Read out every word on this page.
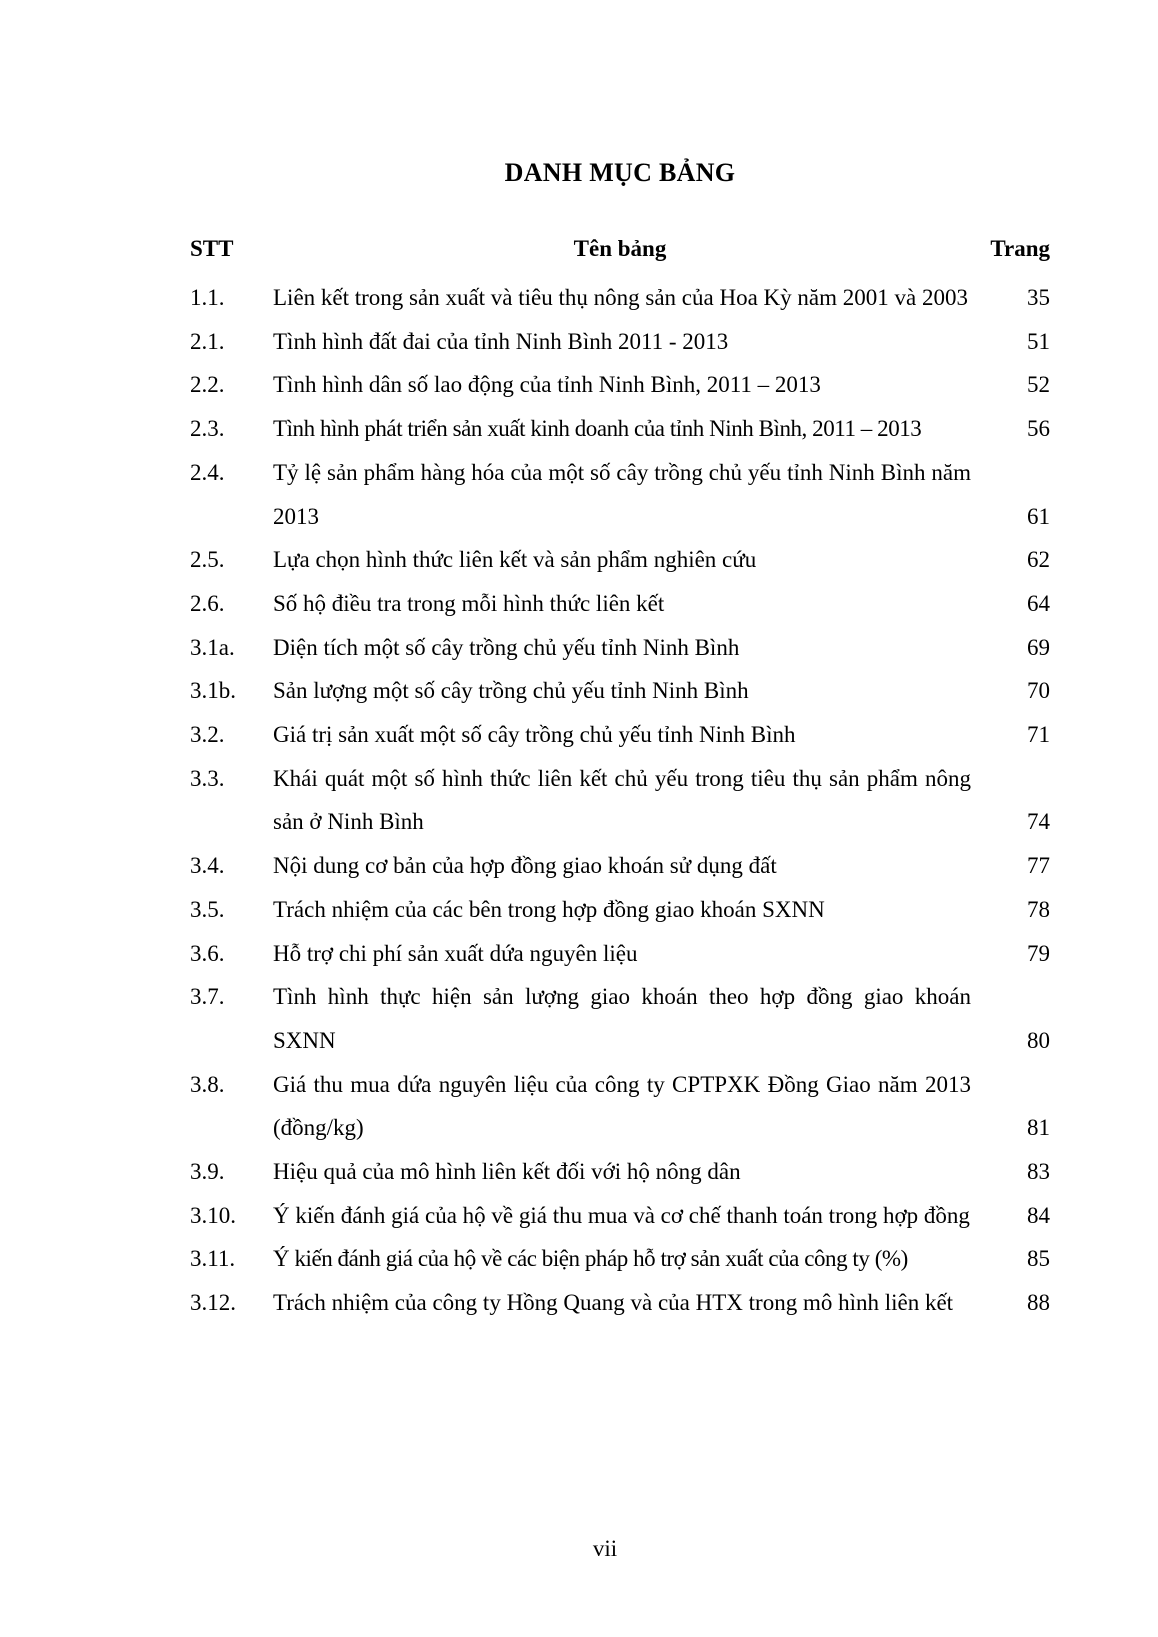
DANH MỤC BẢNG
STT	Tên bảng	Trang
1.1. Liên kết trong sản xuất và tiêu thụ nông sản của Hoa Kỳ năm 2001 và 2003	35
2.1. Tình hình đất đai của tỉnh Ninh Bình 2011 - 2013	51
2.2. Tình hình dân số lao động của tỉnh Ninh Bình, 2011 – 2013	52
2.3. Tình hình phát triển sản xuất kinh doanh của tỉnh Ninh Bình, 2011 – 2013	56
2.4. Tỷ lệ sản phẩm hàng hóa của một số cây trồng chủ yếu tỉnh Ninh Bình năm 2013	61
2.5. Lựa chọn hình thức liên kết và sản phẩm nghiên cứu	62
2.6. Số hộ điều tra trong mỗi hình thức liên kết	64
3.1a. Diện tích một số cây trồng chủ yếu tỉnh Ninh Bình	69
3.1b. Sản lượng một số cây trồng chủ yếu tỉnh Ninh Bình	70
3.2. Giá trị sản xuất một số cây trồng chủ yếu tỉnh Ninh Bình	71
3.3. Khái quát một số hình thức liên kết chủ yếu trong tiêu thụ sản phẩm nông sản ở Ninh Bình	74
3.4. Nội dung cơ bản của hợp đồng giao khoán sử dụng đất	77
3.5. Trách nhiệm của các bên trong hợp đồng giao khoán SXNN	78
3.6. Hỗ trợ chi phí sản xuất dứa nguyên liệu	79
3.7. Tình hình thực hiện sản lượng giao khoán theo hợp đồng giao khoán SXNN	80
3.8. Giá thu mua dứa nguyên liệu của công ty CPTPXK Đồng Giao năm 2013 (đồng/kg)	81
3.9. Hiệu quả của mô hình liên kết đối với hộ nông dân	83
3.10. Ý kiến đánh giá của hộ về giá thu mua và cơ chế thanh toán trong hợp đồng	84
3.11. Ý kiến đánh giá của hộ về các biện pháp hỗ trợ sản xuất của công ty (%)	85
3.12. Trách nhiệm của công ty Hồng Quang và của HTX trong mô hình liên kết	88
vii
